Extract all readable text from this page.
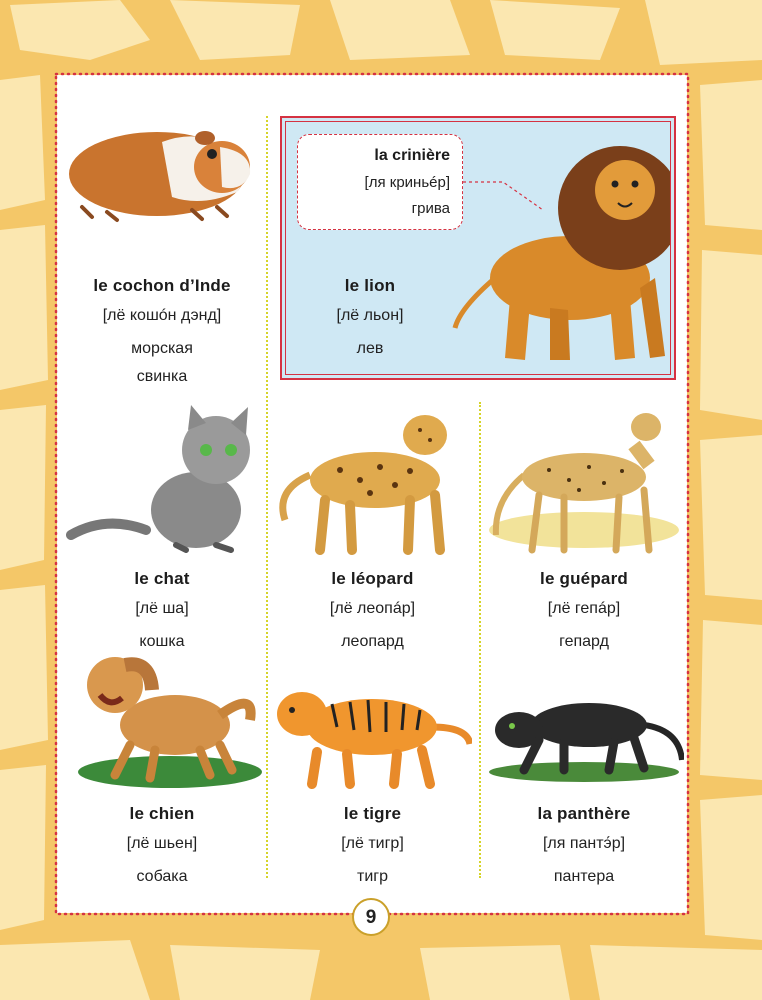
la crinière
[ля криньéр]
грива
le cochon d’Inde
[лё кошóн дэнд]
морская свинка
le lion
[лё льон]
лев
le chat
[лё ша]
кошка
le léopard
[лё леопáр]
леопард
le guépard
[лё гепáр]
гепард
le chien
[лё шьен]
собака
le tigre
[лё тигр]
тигр
la panthère
[ля пантэ́р]
пантера
9
